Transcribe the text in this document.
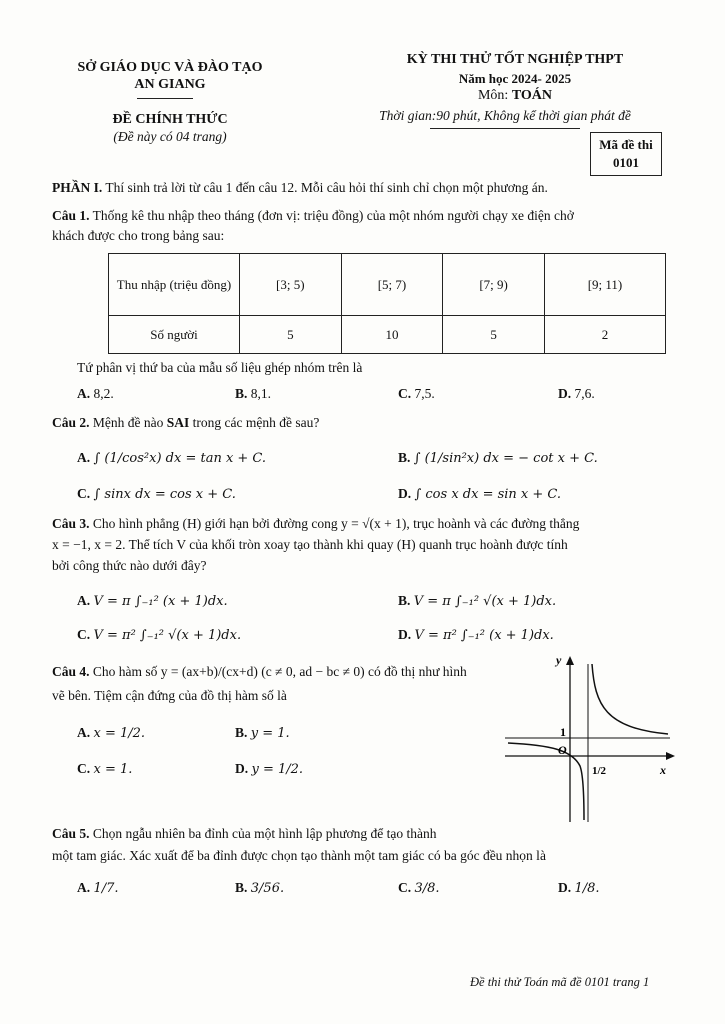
SỞ GIÁO DỤC VÀ ĐÀO TẠO
AN GIANG
ĐỀ CHÍNH THỨC
(Đề này có 04 trang)
KỲ THI THỬ TỐT NGHIỆP THPT
Năm học 2024- 2025
Môn: TOÁN
Thời gian:90 phút, Không kể thời gian phát đề
Mã đề thi
0101
PHẦN I. Thí sinh trả lời từ câu 1 đến câu 12. Mỗi câu hỏi thí sinh chỉ chọn một phương án.
Câu 1. Thống kê thu nhập theo tháng (đơn vị: triệu đồng) của một nhóm người chạy xe điện chở
khách được cho trong bảng sau:
Thu nhập (triệu đồng)	[3; 5)	[5; 7)	[7; 9)	[9; 11)
Số người	5	10	5	2
Tứ phân vị thứ ba của mẫu số liệu ghép nhóm trên là
A. 8,2.	B. 8,1.	C. 7,5.	D. 7,6.
Câu 2. Mệnh đề nào SAI trong các mệnh đề sau?
A. ∫ (1/cos²x) dx = tan x + C.	B. ∫ (1/sin²x) dx = − cot x + C.
C. ∫ sinx dx = cos x + C.	D. ∫ cos x dx = sin x + C.
Câu 3. Cho hình phẳng (H) giới hạn bởi đường cong y = √(x + 1), trục hoành và các đường thẳng
x = −1, x = 2. Thể tích V của khối tròn xoay tạo thành khi quay (H) quanh trục hoành được tính
bởi công thức nào dưới đây?
A. V = π ∫₋₁² (x + 1)dx.	B. V = π ∫₋₁² √(x + 1)dx.
C. V = π² ∫₋₁² √(x + 1)dx.	D. V = π² ∫₋₁² (x + 1)dx.
Câu 4. Cho hàm số y = (ax+b)/(cx+d) (c ≠ 0, ad − bc ≠ 0) có đồ thị như hình
vẽ bên. Tiệm cận đứng của đồ thị hàm số là
A. x = 1/2.	B. y = 1.
C. x = 1.	D. y = 1/2.
y
x
O
1
1/2
Câu 5. Chọn ngẫu nhiên ba đỉnh của một hình lập phương để tạo thành
một tam giác. Xác xuất để ba đỉnh được chọn tạo thành một tam giác có ba góc đều nhọn là
A. 1/7.	B. 3/56.	C. 3/8.	D. 1/8.
Đề thi thử Toán mã đề 0101 trang 1
